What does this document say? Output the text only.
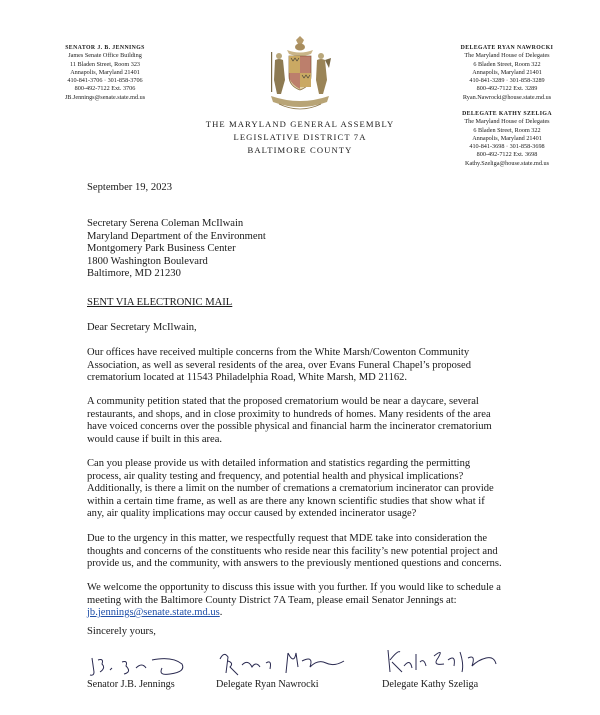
SENATOR J. B. JENNINGS
James Senate Office Building
11 Bladen Street, Room 323
Annapolis, Maryland 21401
410-841-3706 · 301-858-3706
800-492-7122 Ext. 3706
JB.Jennings@senate.state.md.us
THE MARYLAND GENERAL ASSEMBLY
LEGISLATIVE DISTRICT 7A
BALTIMORE COUNTY
DELEGATE RYAN NAWROCKI
The Maryland House of Delegates
6 Bladen Street, Room 322
Annapolis, Maryland 21401
410-841-3289 · 301-858-3289
800-492-7122 Ext. 3289
Ryan.Nawrocki@house.state.md.us
DELEGATE KATHY SZELIGA
The Maryland House of Delegates
6 Bladen Street, Room 322
Annapolis, Maryland 21401
410-841-3698 · 301-858-3698
800-492-7122 Ext. 3698
Kathy.Szeliga@house.state.md.us
September 19, 2023
Secretary Serena Coleman McIlwain
Maryland Department of the Environment
Montgomery Park Business Center
1800 Washington Boulevard
Baltimore, MD 21230
SENT VIA ELECTRONIC MAIL
Dear Secretary McIlwain,
Our offices have received multiple concerns from the White Marsh/Cowenton Community
Association, as well as several residents of the area, over Evans Funeral Chapel’s proposed
crematorium located at 11543 Philadelphia Road, White Marsh, MD 21162.
A community petition stated that the proposed crematorium would be near a daycare, several
restaurants, and shops, and in close proximity to hundreds of homes. Many residents of the area
have voiced concerns over the possible physical and financial harm the incinerator crematorium
would cause if built in this area.
Can you please provide us with detailed information and statistics regarding the permitting
process, air quality testing and frequency, and potential health and physical implications?
Additionally, is there a limit on the number of cremations a crematorium incinerator can provide
within a certain time frame, as well as are there any known scientific studies that show what if
any, air quality implications may occur caused by extended incinerator usage?
Due to the urgency in this matter, we respectfully request that MDE take into consideration the
thoughts and concerns of the constituents who reside near this facility’s new potential project and
provide us, and the community, with answers to the previously mentioned questions and concerns.
We welcome the opportunity to discuss this issue with you further. If you would like to schedule a
meeting with the Baltimore County District 7A Team, please email Senator Jennings at:
jb.jennings@senate.state.md.us.
Sincerely yours,
Senator J.B. Jennings	Delegate Ryan Nawrocki	Delegate Kathy Szeliga
